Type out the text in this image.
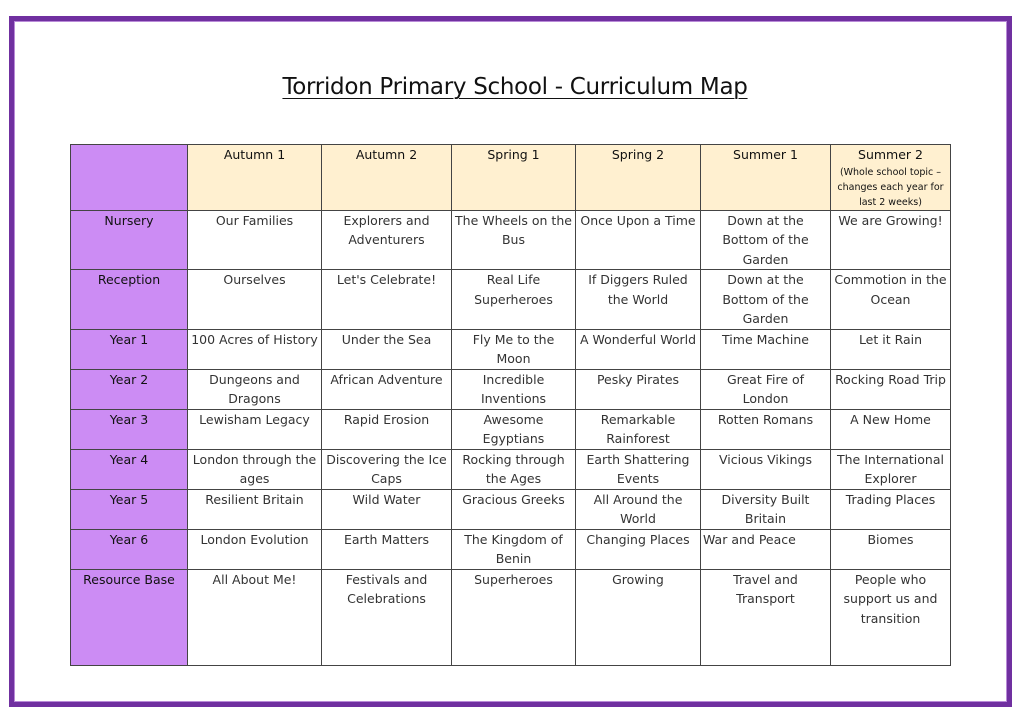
Torridon Primary School - Curriculum Map
	Autumn 1	Autumn 2	Spring 1	Spring 2	Summer 1	Summer 2
(Whole school topic – changes each year for last 2 weeks)

Nursery	Our Families	Explorers and Adventurers	The Wheels on the Bus	Once Upon a Time	Down at the Bottom of the Garden	We are Growing!
Reception	Ourselves	Let's Celebrate!	Real Life Superheroes	If Diggers Ruled the World	Down at the Bottom of the Garden	Commotion in the Ocean
Year 1	100 Acres of History	Under the Sea	Fly Me to the Moon	A Wonderful World	Time Machine	Let it Rain
Year 2	Dungeons and Dragons	African Adventure	Incredible Inventions	Pesky Pirates	Great Fire of London	Rocking Road Trip
Year 3	Lewisham Legacy	Rapid Erosion	Awesome Egyptians	Remarkable Rainforest	Rotten Romans	A New Home
Year 4	London through the ages	Discovering the Ice Caps	Rocking through the Ages	Earth Shattering Events	Vicious Vikings	The International Explorer
Year 5	Resilient Britain	Wild Water	Gracious Greeks	All Around the World	Diversity Built Britain	Trading Places
Year 6	London Evolution	Earth Matters	The Kingdom of Benin	Changing Places	War and Peace	Biomes
Resource Base	All About Me!	Festivals and Celebrations	Superheroes	Growing	Travel and Transport	People who support us and transition
